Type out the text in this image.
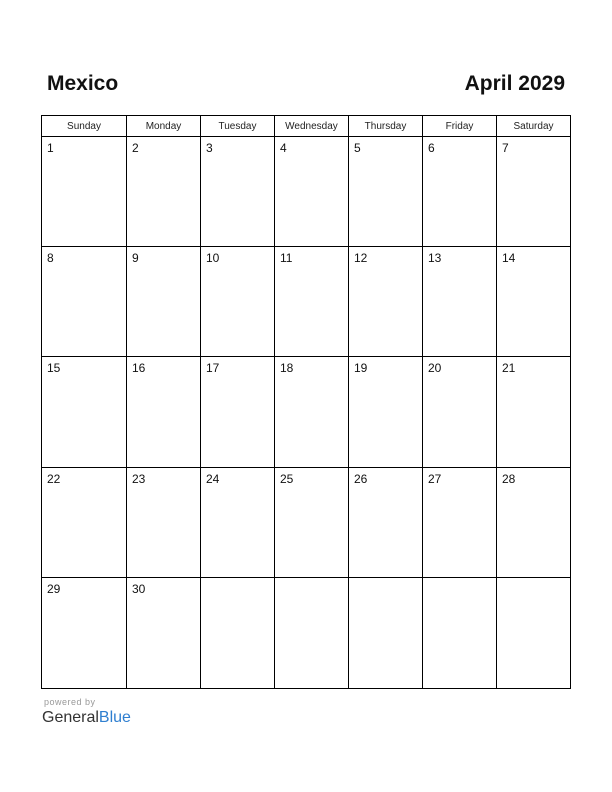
Mexico	April 2029
Sunday	Monday	Tuesday	Wednesday	Thursday	Friday	Saturday
1	2	3	4	5	6	7
8	9	10	11	12	13	14
15	16	17	18	19	20	21
22	23	24	25	26	27	28
29	30
powered by
GeneralBlue
